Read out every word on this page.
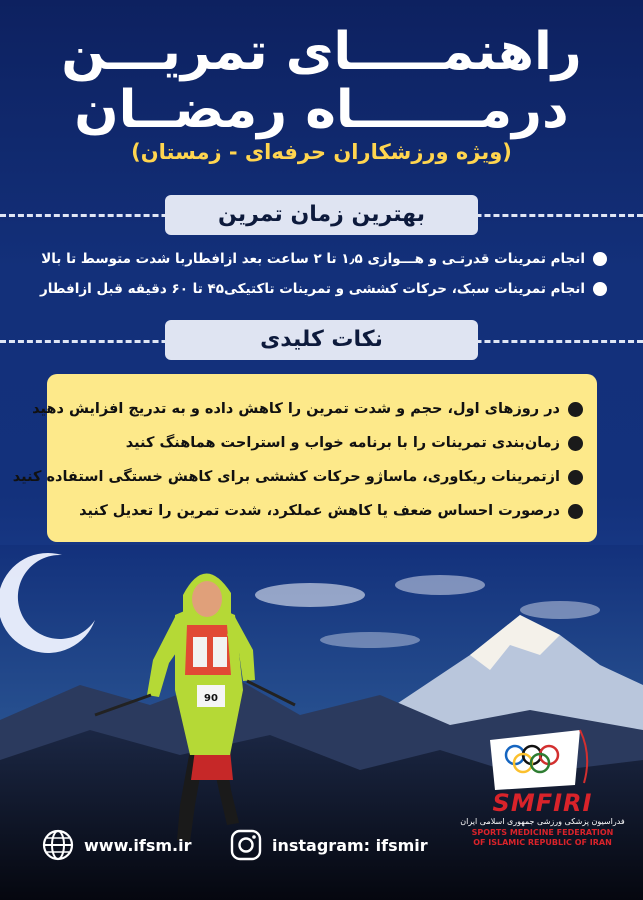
راهنمـــــای تمریـــن
درمـــــــاه رمضــان
(ویژه ورزشکاران حرفه‌ای - زمستان)
بهترین زمان تمرین
انجام تمرینات قدرتـی و هـــوازی ۱٫۵ تا ۲ ساعت بعد ازافطاربا شدت متوسط تا بالا
انجام تمرینات سبک، حرکات کششی و تمرینات تاکتیکی۴۵ تا ۶۰ دقیقه قبل ازافطار
نکات کلیدی
در روزهای اول، حجم و شدت تمرین را کاهش داده و به تدریج افزایش دهید
زمان‌بندی تمرینات را با برنامه خواب و استراحت هماهنگ کنید
ازتمرینات ریکاوری، ماساژو حرکات کششی برای کاهش خستگی استفاده کنید
درصورت احساس ضعف یا کاهش عملکرد، شدت تمرین را تعدیل کنید
90
SMFIRI
فدراسیون پزشکی ورزشی جمهوری اسلامی ایران
SPORTS MEDICINE FEDERATION
OF ISLAMIC REPUBLIC OF IRAN
www.ifsm.ir	instagram: ifsmir
